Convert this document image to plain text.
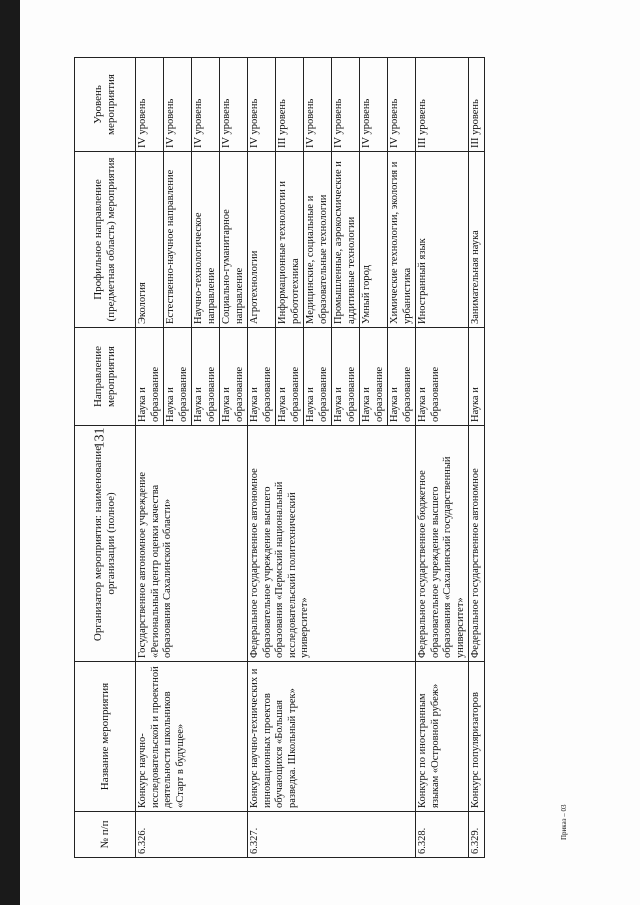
131
№ п/п	Название мероприятия	Организатор мероприятия: наименование организации (полное)	Направление мероприятия	Профильное направление (предметная область) мероприятия	Уровень мероприятия
6.326.	Конкурс научно-исследовательской и проектной деятельности школьников «Старт в будущее»	Государственное автономное учреждение «Региональный центр оценки качества образования Сахалинской области»	Наука и образование	Экология	IV уровень
			Наука и образование	Естественно-научное направление	IV уровень
			Наука и образование	Научно-технологическое направление	IV уровень
			Наука и образование	Социально-гуманитарное направление	IV уровень
6.327.	Конкурс научно-технических и инновационных проектов обучающихся «Большая разведка. Школьный трек»	Федеральное государственное автономное образовательное учреждение высшего образования «Пермский национальный исследовательский политехнический университет»	Наука и образование	Агротехнологии	IV уровень
			Наука и образование	Информационные технологии и робототехника	III уровень
			Наука и образование	Медицинские, социальные и образовательные технологии	IV уровень
			Наука и образование	Промышленные, аэрокосмические и аддитивные технологии	IV уровень
			Наука и образование	Умный город	IV уровень
			Наука и образование	Химические технологии, экология и урбанистика	IV уровень
6.328.	Конкурс по иностранным языкам «Островной рубеж»	Федеральное государственное бюджетное образовательное учреждение высшего образования «Сахалинский государственный университет»	Наука и образование	Иностранный язык	III уровень
6.329.	Конкурс популяризаторов	Федеральное государственное автономное	Наука и	Занимательная наука	III уровень
Приказ – 03
